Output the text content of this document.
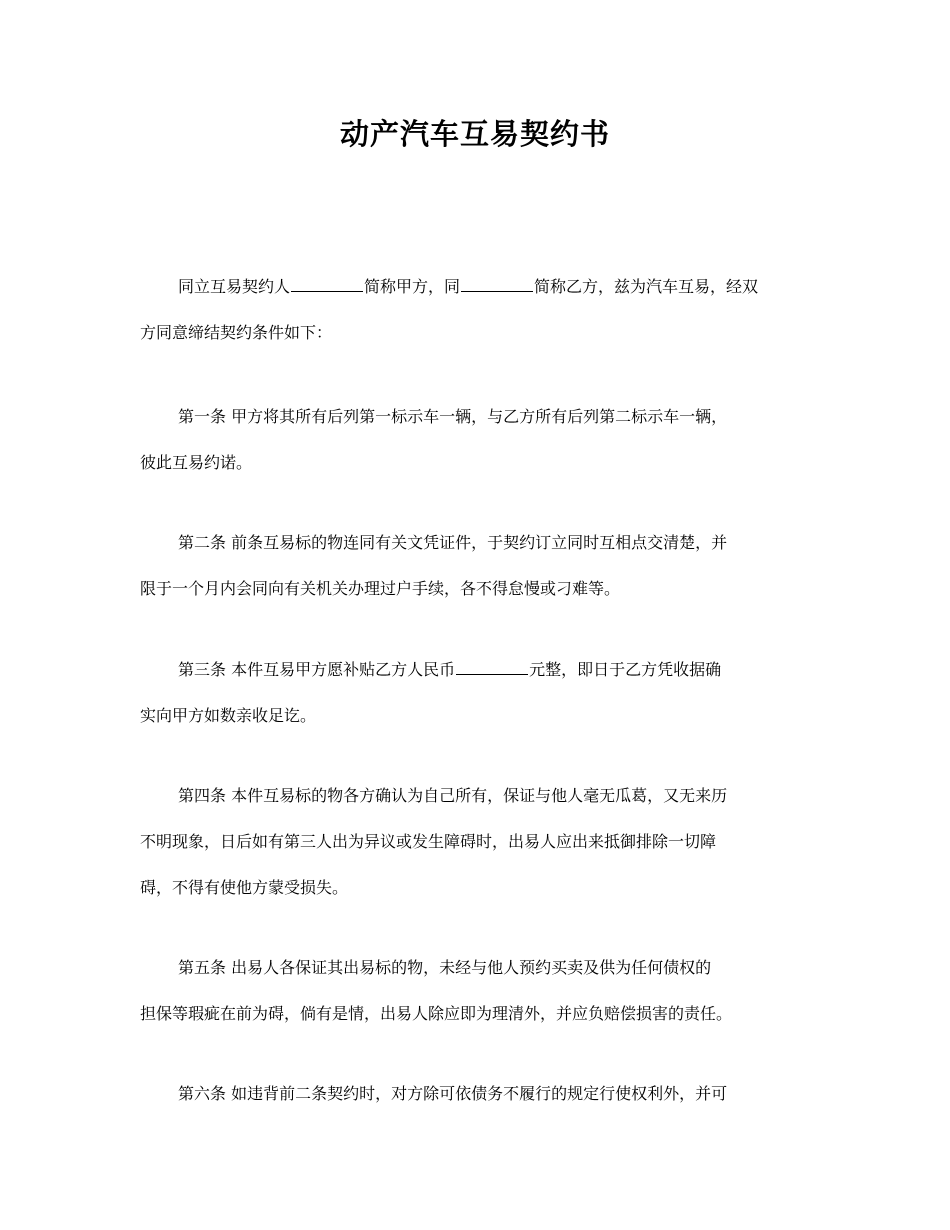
动产汽车互易契约书
同立互易契约人	简称甲方，同	简称乙方，兹为汽车互易，经双
方同意缔结契约条件如下：
第一条 甲方将其所有后列第一标示车一辆，与乙方所有后列第二标示车一辆，
彼此互易约诺。
第二条 前条互易标的物连同有关文凭证件，于契约订立同时互相点交清楚，并
限于一个月内会同向有关机关办理过户手续，各不得怠慢或刁难等。
第三条 本件互易甲方愿补贴乙方人民币	元整，即日于乙方凭收据确
实向甲方如数亲收足讫。
第四条 本件互易标的物各方确认为自己所有，保证与他人毫无瓜葛，又无来历
不明现象，日后如有第三人出为异议或发生障碍时，出易人应出来抵御排除一切障
碍，不得有使他方蒙受损失。
第五条 出易人各保证其出易标的物，未经与他人预约买卖及供为任何债权的
担保等瑕疵在前为碍，倘有是情，出易人除应即为理清外，并应负赔偿损害的责任。
第六条 如违背前二条契约时，对方除可依债务不履行的规定行使权利外，并可
